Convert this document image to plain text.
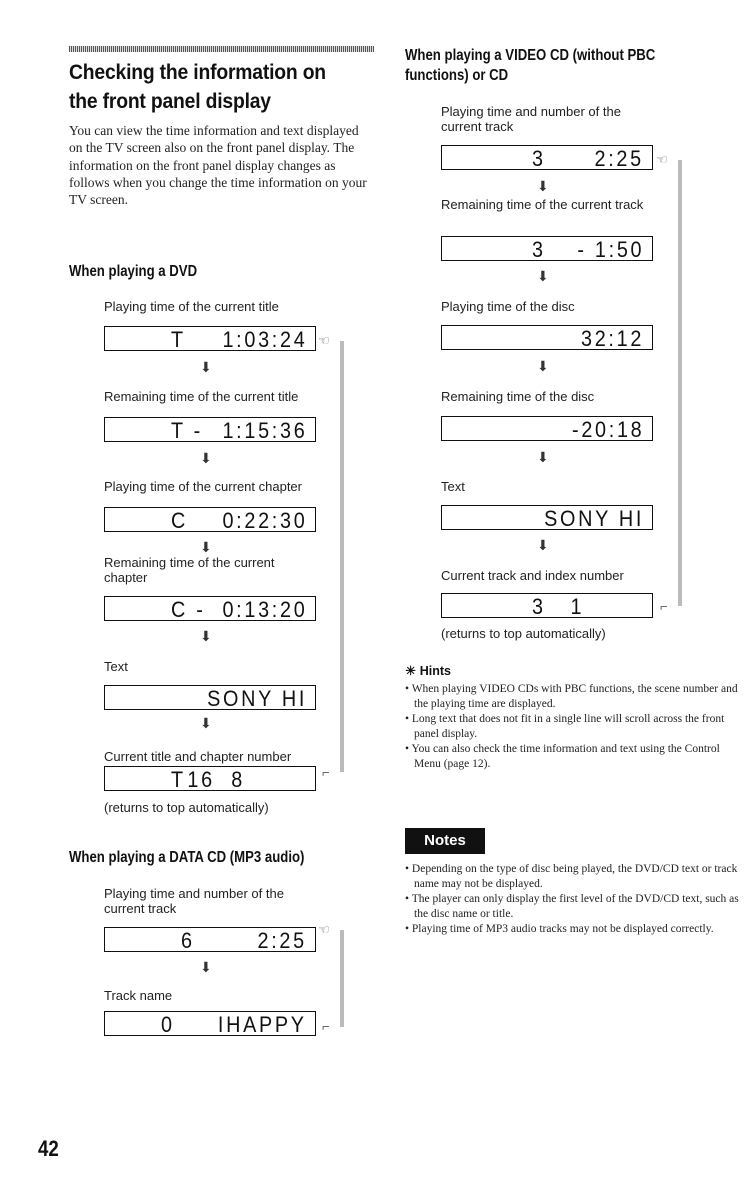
Checking the information on the front panel display
You can view the time information and text displayed on the TV screen also on the front panel display. The information on the front panel display changes as follows when you change the time information on your TV screen.
When playing a DVD
☜
⌐
Playing time of the current title
T 1:03:24
⬇
Remaining time of the current title
T - 1:15:36
⬇
Playing time of the current chapter
C 0:22:30
⬇
Remaining time of the current chapter
C - 0:13:20
⬇
Text
SONY HI
⬇
Current title and chapter number
T 16  8
(returns to top automatically)
When playing a DATA CD (MP3 audio)
☜
⌐
Playing time and number of the current track
6	2:25
⬇
Track name
0 IHAPPY
42
When playing a VIDEO CD (without PBC functions) or CD
☜
⌐
Playing time and number of the current track
3 2:25
⬇
Remaining time of the current track
3 - 1:50
⬇
Playing time of the disc
32:12
⬇
Remaining time of the disc
-20:18
⬇
Text
SONY HI
⬇
Current track and index number
3 1
(returns to top automatically)
☀ Hints
• When playing VIDEO CDs with PBC functions, the scene number and the playing time are displayed.
• Long text that does not fit in a single line will scroll across the front panel display.
• You can also check the time information and text using the Control Menu (page 12).
Notes
• Depending on the type of disc being played, the DVD/CD text or track name may not be displayed.
• The player can only display the first level of the DVD/CD text, such as the disc name or title.
• Playing time of MP3 audio tracks may not be displayed correctly.
